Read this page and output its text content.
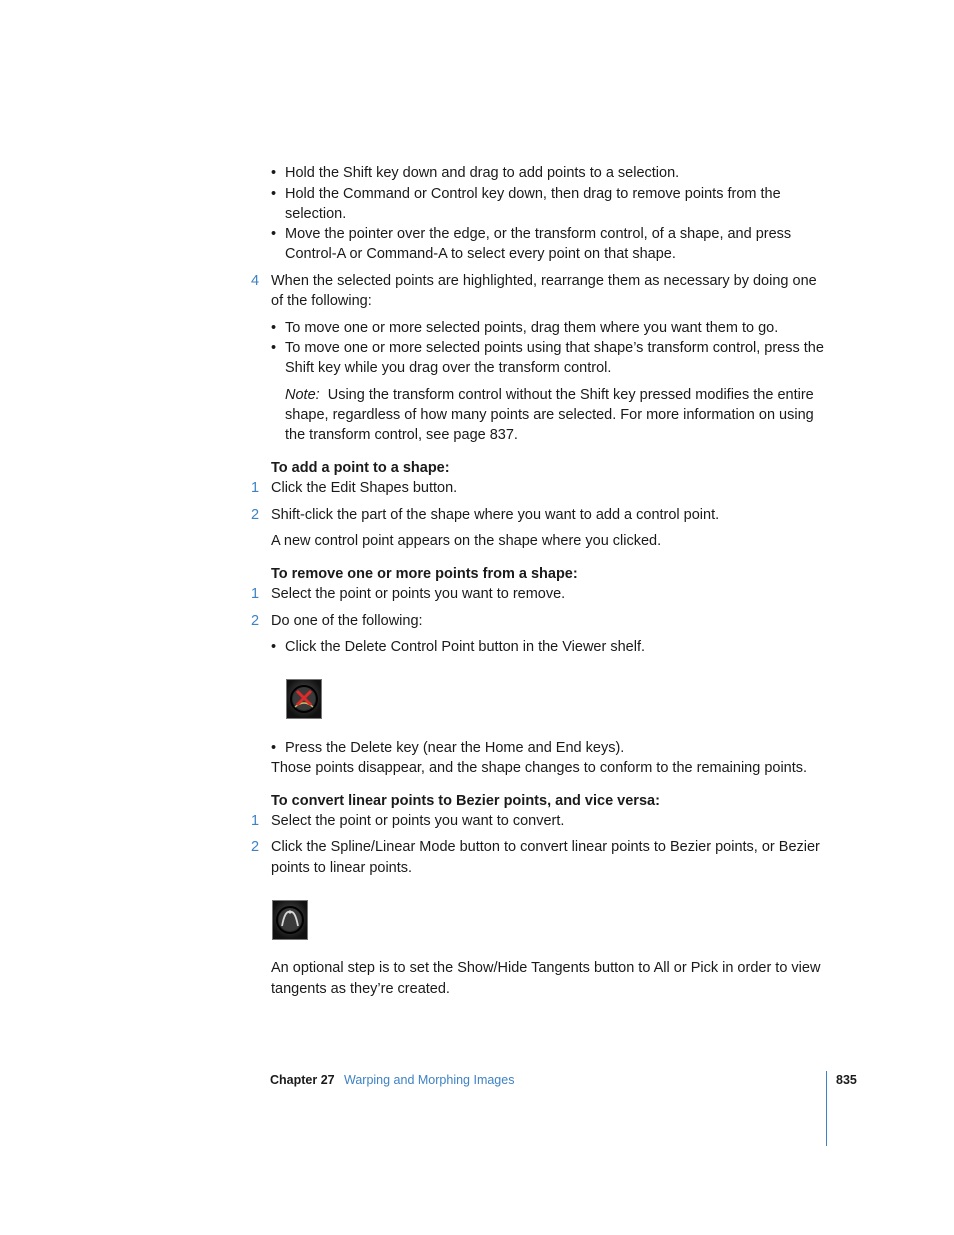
• Hold the Shift key down and drag to add points to a selection.
• Hold the Command or Control key down, then drag to remove points from the
selection.
• Move the pointer over the edge, or the transform control, of a shape, and press
Control-A or Command-A to select every point on that shape.
4 When the selected points are highlighted, rearrange them as necessary by doing one
of the following:
• To move one or more selected points, drag them where you want them to go.
• To move one or more selected points using that shape’s transform control, press the
Shift key while you drag over the transform control.
Note: Using the transform control without the Shift key pressed modifies the entire
shape, regardless of how many points are selected. For more information on using
the transform control, see page 837.
To add a point to a shape:
1 Click the Edit Shapes button.
2 Shift-click the part of the shape where you want to add a control point.
A new control point appears on the shape where you clicked.
To remove one or more points from a shape:
1 Select the point or points you want to remove.
2 Do one of the following:
• Click the Delete Control Point button in the Viewer shelf.
• Press the Delete key (near the Home and End keys).
Those points disappear, and the shape changes to conform to the remaining points.
To convert linear points to Bezier points, and vice versa:
1 Select the point or points you want to convert.
2 Click the Spline/Linear Mode button to convert linear points to Bezier points, or Bezier
points to linear points.
An optional step is to set the Show/Hide Tangents button to All or Pick in order to view
tangents as they’re created.
Chapter 27 Warping and Morphing Images	835
